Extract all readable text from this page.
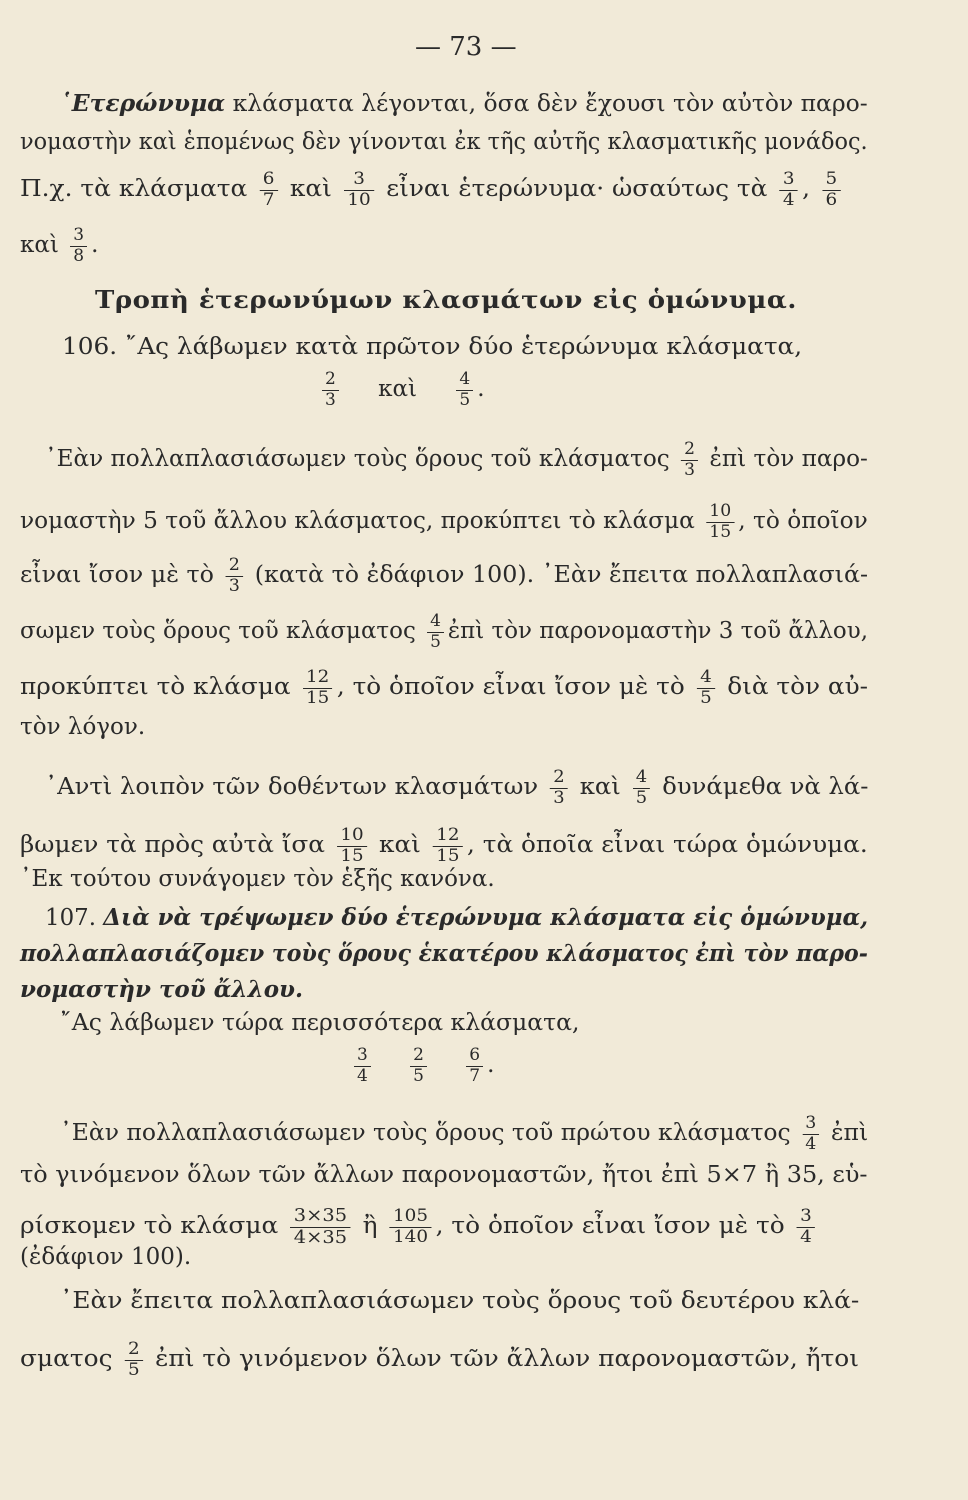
— 73 —
῾Ετερώνυμα κλάσματα λέγονται, ὅσα δὲν ἔχουσι τὸν αὐτὸν παρο-
νομαστὴν καὶ ἑπομένως δὲν γίνονται ἐκ τῆς αὐτῆς κλασματικῆς μονάδος.
Π.χ. τὰ κλάσματα $\frac{6}{7}$ καὶ $\frac{3}{10}$ εἶναι ἑτερώνυμα· ὡσαύτως τὰ $\frac{3}{4}$ , $\frac{5}{6}$
καὶ $\frac{3}{8}$ .
Τροπὴ ἑτερωνύμων κλασμάτων εἰς ὁμώνυμα.
106. ῎Ας λάβωμεν κατὰ πρῶτον δύο ἑτερώνυμα κλάσματα,
$\frac{2}{3}$ καὶ $\frac{4}{5}$ .
᾿Εὰν πολλαπλασιάσωμεν τοὺς ὅρους τοῦ κλάσματος $\frac{2}{3}$ ἐπὶ τὸν παρο-
νομαστὴν 5 τοῦ ἄλλου κλάσματος, προκύπτει τὸ κλάσμα $\frac{10}{15}$ , τὸ ὁποῖον
εἶναι ἴσον μὲ τὸ $\frac{2}{3}$ (κατὰ τὸ ἐδάφιον 100). ᾿Εὰν ἔπειτα πολλαπλασιά-
σωμεν τοὺς ὅρους τοῦ κλάσματος $\frac{4}{5}$ ἐπὶ τὸν παρονομαστὴν 3 τοῦ ἄλλου,
προκύπτει τὸ κλάσμα $\frac{12}{15}$ , τὸ ὁποῖον εἶναι ἴσον μὲ τὸ $\frac{4}{5}$ διὰ τὸν αὐ-
τὸν λόγον.
᾿Αντὶ λοιπὸν τῶν δοθέντων κλασμάτων $\frac{2}{3}$ καὶ $\frac{4}{5}$ δυνάμεθα νὰ λά-
βωμεν τὰ πρὸς αὐτὰ ἴσα $\frac{10}{15}$ καὶ $\frac{12}{15}$ , τὰ ὁποῖα εἶναι τώρα ὁμώνυμα.
᾿Εκ τούτου συνάγομεν τὸν ἑξῆς κανόνα.
107. Διὰ νὰ τρέψωμεν δύο ἑτερώνυμα κλάσματα εἰς ὁμώνυμα,
πολλαπλασιάζομεν τοὺς ὅρους ἑκατέρου κλάσματος ἐπὶ τὸν παρο-
νομαστὴν τοῦ ἄλλου.
῎Ας λάβωμεν τώρα περισσότερα κλάσματα,
$\frac{3}{4}$
$\frac{2}{5}$
$\frac{6}{7}$ .
᾿Εὰν πολλαπλασιάσωμεν τοὺς ὅρους τοῦ πρώτου κλάσματος $\frac{3}{4}$ ἐπὶ
τὸ γινόμενον ὅλων τῶν ἄλλων παρονομαστῶν, ἤτοι ἐπὶ 5×7 ἢ 35, εὑ-
ρίσκομεν τὸ κλάσμα $\frac{3\times 35}{4\times 35}$ ἢ $\frac{105}{140}$ , τὸ ὁποῖον εἶναι ἴσον μὲ τὸ $\frac{3}{4}$
(ἐδάφιον 100).
᾿Εὰν ἔπειτα πολλαπλασιάσωμεν τοὺς ὅρους τοῦ δευτέρου κλά-
σματος $\frac{2}{5}$ ἐπὶ τὸ γινόμενον ὅλων τῶν ἄλλων παρονομαστῶν, ἤτοι
